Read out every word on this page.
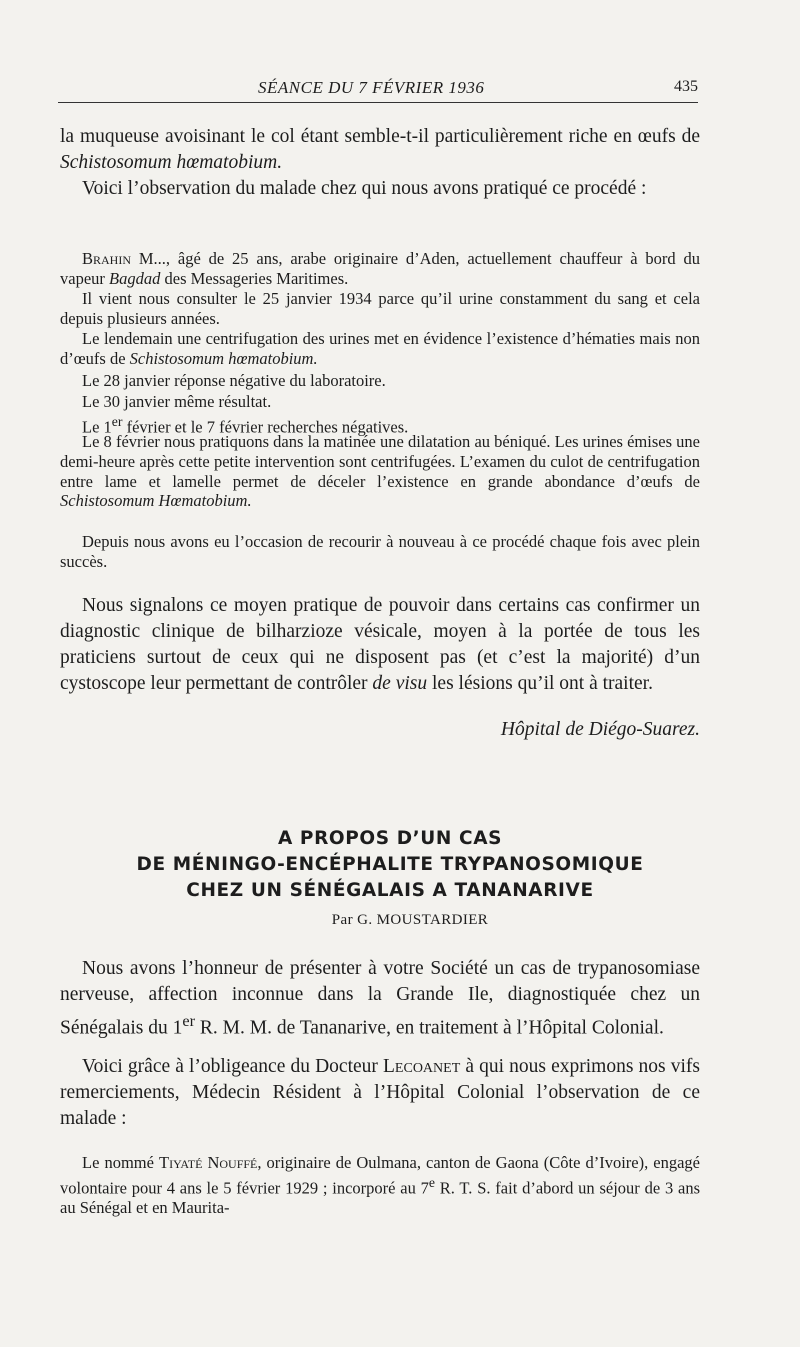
SÉANCE DU 7 FÉVRIER 1936	435

la muqueuse avoisinant le col étant semble-t-il particulièrement riche en œufs de Schistosomum hœmatobium.

Voici l’observation du malade chez qui nous avons pratiqué ce procédé :

Brahin M..., âgé de 25 ans, arabe originaire d’Aden, actuellement chauffeur à bord du vapeur Bagdad des Messageries Maritimes.

Il vient nous consulter le 25 janvier 1934 parce qu’il urine constamment du sang et cela depuis plusieurs années.

Le lendemain une centrifugation des urines met en évidence l’existence d’hématies mais non d’œufs de Schistosomum hœmatobium.

Le 28 janvier réponse négative du laboratoire.

Le 30 janvier même résultat.

Le 1er février et le 7 février recherches négatives.

Le 8 février nous pratiquons dans la matinée une dilatation au béniqué. Les urines émises une demi-heure après cette petite intervention sont centrifugées. L’examen du culot de centrifugation entre lame et lamelle permet de déceler l’existence en grande abondance d’œufs de Schistosomum Hœmatobium.

Depuis nous avons eu l’occasion de recourir à nouveau à ce procédé chaque fois avec plein succès.

Nous signalons ce moyen pratique de pouvoir dans certains cas confirmer un diagnostic clinique de bilharzioze vésicale, moyen à la portée de tous les praticiens surtout de ceux qui ne disposent pas (et c’est la majorité) d’un cystoscope leur permettant de contrôler de visu les lésions qu’il ont à traiter.

Hôpital de Diégo-Suarez.

A PROPOS D’UN CAS
DE MÉNINGO-ENCÉPHALITE TRYPANOSOMIQUE
CHEZ UN SÉNÉGALAIS A TANANARIVE
Par G. MOUSTARDIER

Nous avons l’honneur de présenter à votre Société un cas de trypanosomiase nerveuse, affection inconnue dans la Grande Ile, diagnostiquée chez un Sénégalais du 1er R. M. M. de Tananarive, en traitement à l’Hôpital Colonial.

Voici grâce à l’obligeance du Docteur Lecoanet à qui nous exprimons nos vifs remerciements, Médecin Résident à l’Hôpital Colonial l’observation de ce malade :

Le nommé Tiyaté Nouffé, originaire de Oulmana, canton de Gaona (Côte d’Ivoire), engagé volontaire pour 4 ans le 5 février 1929 ; incorporé au 7e R. T. S. fait d’abord un séjour de 3 ans au Sénégal et en Maurita-
